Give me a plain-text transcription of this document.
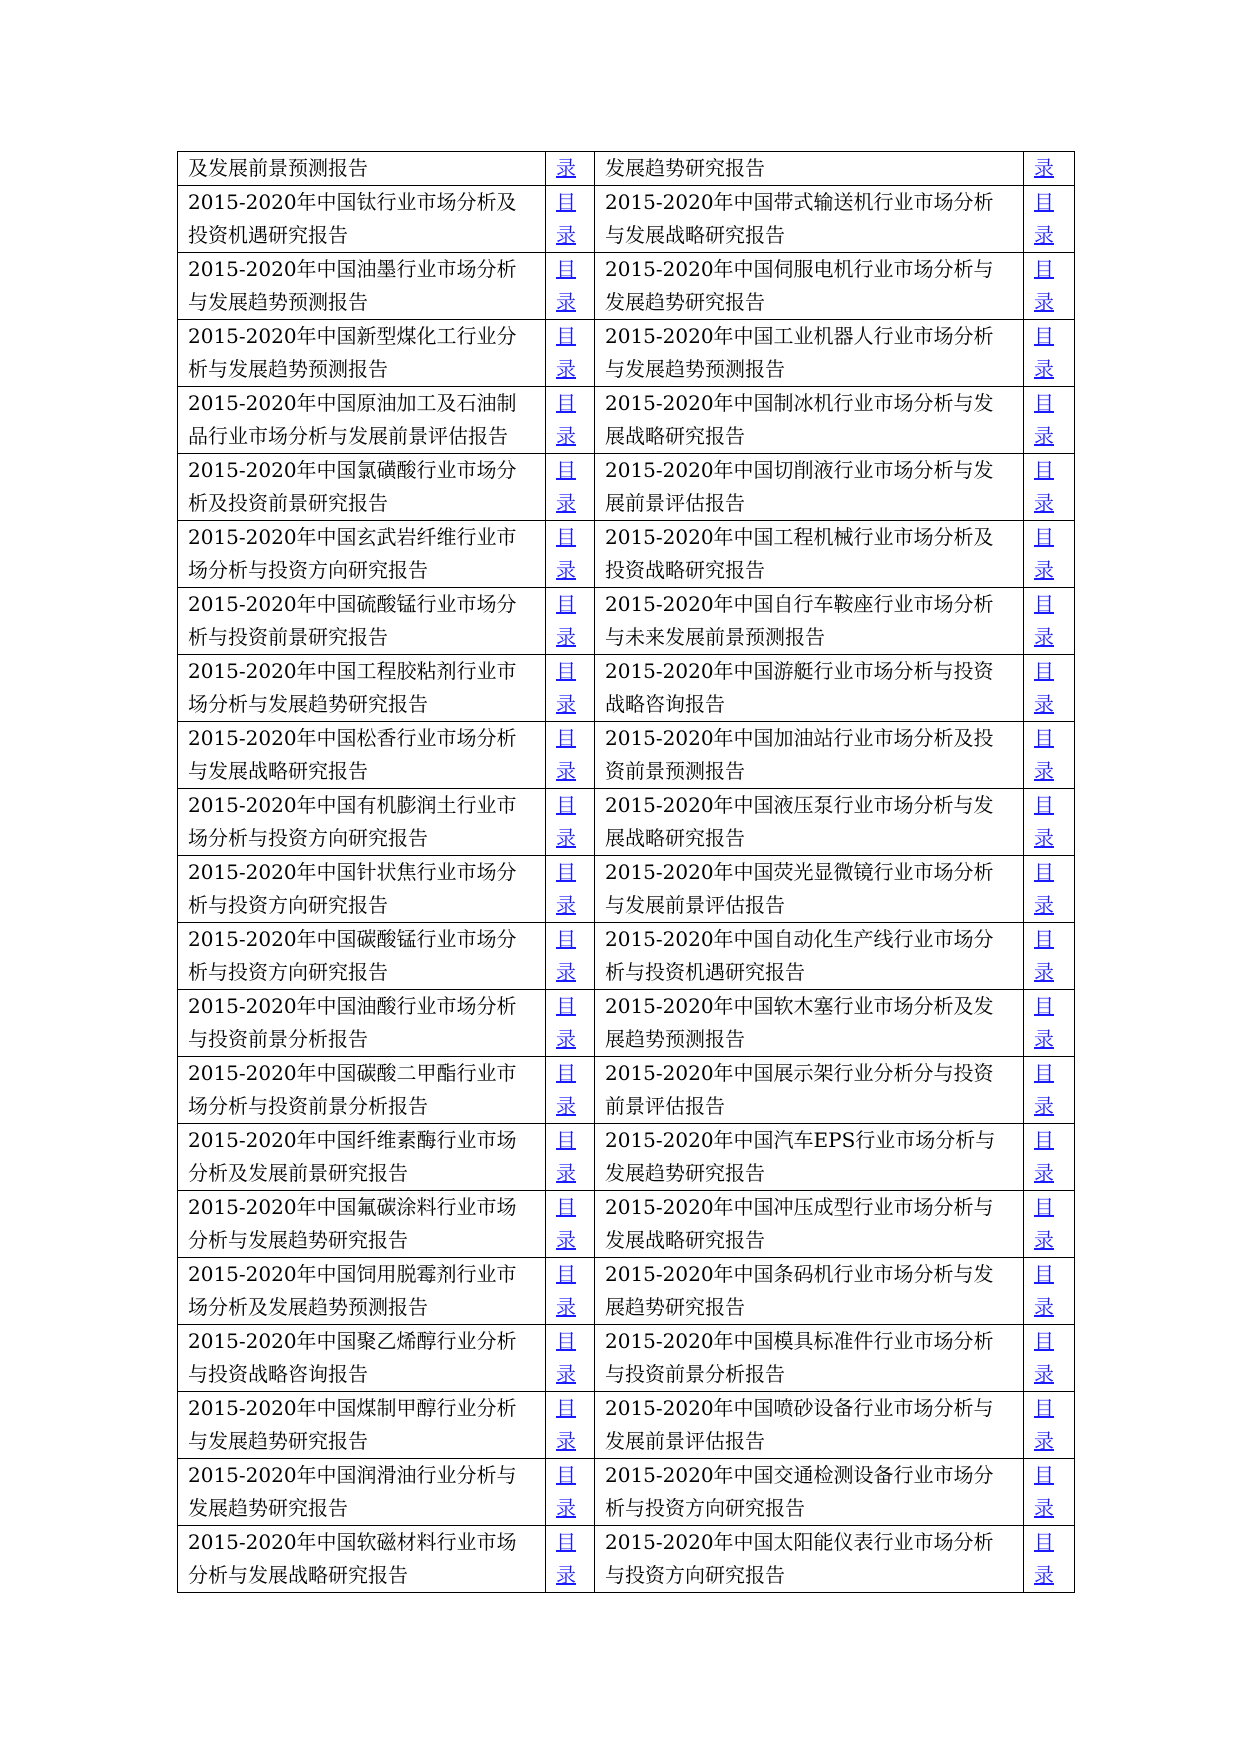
及发展前景预测报告	录	发展趋势研究报告	录

2015-2020年中国钛行业市场分析及投资机遇研究报告	目录	2015-2020年中国带式输送机行业市场分析与发展战略研究报告	目录

2015-2020年中国油墨行业市场分析与发展趋势预测报告	目录	2015-2020年中国伺服电机行业市场分析与发展趋势研究报告	目录

2015-2020年中国新型煤化工行业分析与发展趋势预测报告	目录	2015-2020年中国工业机器人行业市场分析与发展趋势预测报告	目录

2015-2020年中国原油加工及石油制品行业市场分析与发展前景评估报告	目录	2015-2020年中国制冰机行业市场分析与发展战略研究报告	目录

2015-2020年中国氯磺酸行业市场分析及投资前景研究报告	目录	2015-2020年中国切削液行业市场分析与发展前景评估报告	目录

2015-2020年中国玄武岩纤维行业市场分析与投资方向研究报告	目录	2015-2020年中国工程机械行业市场分析及投资战略研究报告	目录

2015-2020年中国硫酸锰行业市场分析与投资前景研究报告	目录	2015-2020年中国自行车鞍座行业市场分析与未来发展前景预测报告	目录

2015-2020年中国工程胶粘剂行业市场分析与发展趋势研究报告	目录	2015-2020年中国游艇行业市场分析与投资战略咨询报告	目录

2015-2020年中国松香行业市场分析与发展战略研究报告	目录	2015-2020年中国加油站行业市场分析及投资前景预测报告	目录

2015-2020年中国有机膨润土行业市场分析与投资方向研究报告	目录	2015-2020年中国液压泵行业市场分析与发展战略研究报告	目录

2015-2020年中国针状焦行业市场分析与投资方向研究报告	目录	2015-2020年中国荧光显微镜行业市场分析与发展前景评估报告	目录

2015-2020年中国碳酸锰行业市场分析与投资方向研究报告	目录	2015-2020年中国自动化生产线行业市场分析与投资机遇研究报告	目录

2015-2020年中国油酸行业市场分析与投资前景分析报告	目录	2015-2020年中国软木塞行业市场分析及发展趋势预测报告	目录

2015-2020年中国碳酸二甲酯行业市场分析与投资前景分析报告	目录	2015-2020年中国展示架行业分析分与投资前景评估报告	目录

2015-2020年中国纤维素酶行业市场分析及发展前景研究报告	目录	2015-2020年中国汽车EPS行业市场分析与发展趋势研究报告	目录

2015-2020年中国氟碳涂料行业市场分析与发展趋势研究报告	目录	2015-2020年中国冲压成型行业市场分析与发展战略研究报告	目录

2015-2020年中国饲用脱霉剂行业市场分析及发展趋势预测报告	目录	2015-2020年中国条码机行业市场分析与发展趋势研究报告	目录

2015-2020年中国聚乙烯醇行业分析与投资战略咨询报告	目录	2015-2020年中国模具标准件行业市场分析与投资前景分析报告	目录

2015-2020年中国煤制甲醇行业分析与发展趋势研究报告	目录	2015-2020年中国喷砂设备行业市场分析与发展前景评估报告	目录

2015-2020年中国润滑油行业分析与发展趋势研究报告	目录	2015-2020年中国交通检测设备行业市场分析与投资方向研究报告	目录

2015-2020年中国软磁材料行业市场分析与发展战略研究报告	目录	2015-2020年中国太阳能仪表行业市场分析与投资方向研究报告	目录
